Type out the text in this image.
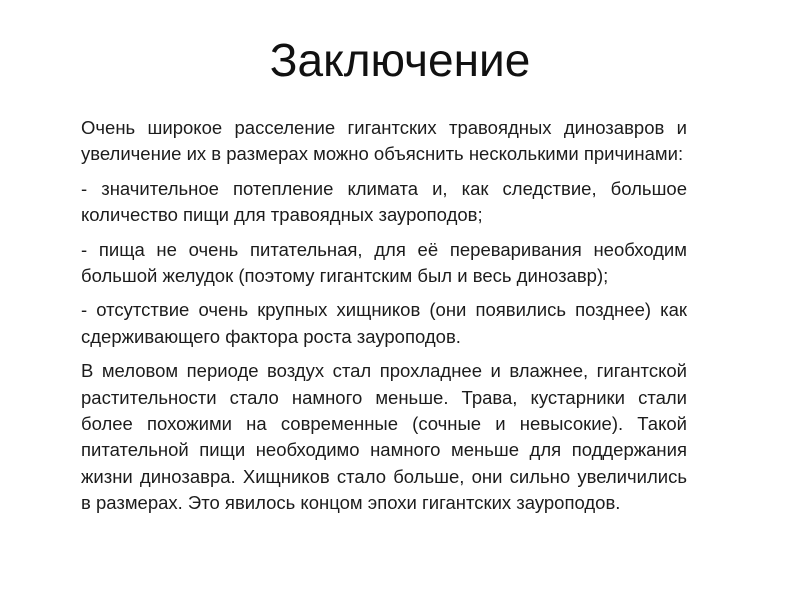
Заключение

Очень широкое расселение гигантских травоядных динозавров и увеличение их в размерах можно объяснить несколькими причинами:

- значительное потепление климата и, как следствие, большое количество пищи для травоядных зауроподов;

- пища не очень питательная, для её переваривания необходим большой желудок (поэтому гигантским был и весь динозавр);

- отсутствие очень крупных хищников (они появились позднее) как сдерживающего фактора роста зауроподов.

В меловом периоде воздух стал прохладнее и влажнее, гигантской растительности стало намного меньше. Трава, кустарники стали более похожими на современные (сочные и невысокие). Такой питательной пищи необходимо намного меньше для поддержания жизни динозавра. Хищников стало больше, они сильно увеличились в размерах. Это явилось концом эпохи гигантских зауроподов.
